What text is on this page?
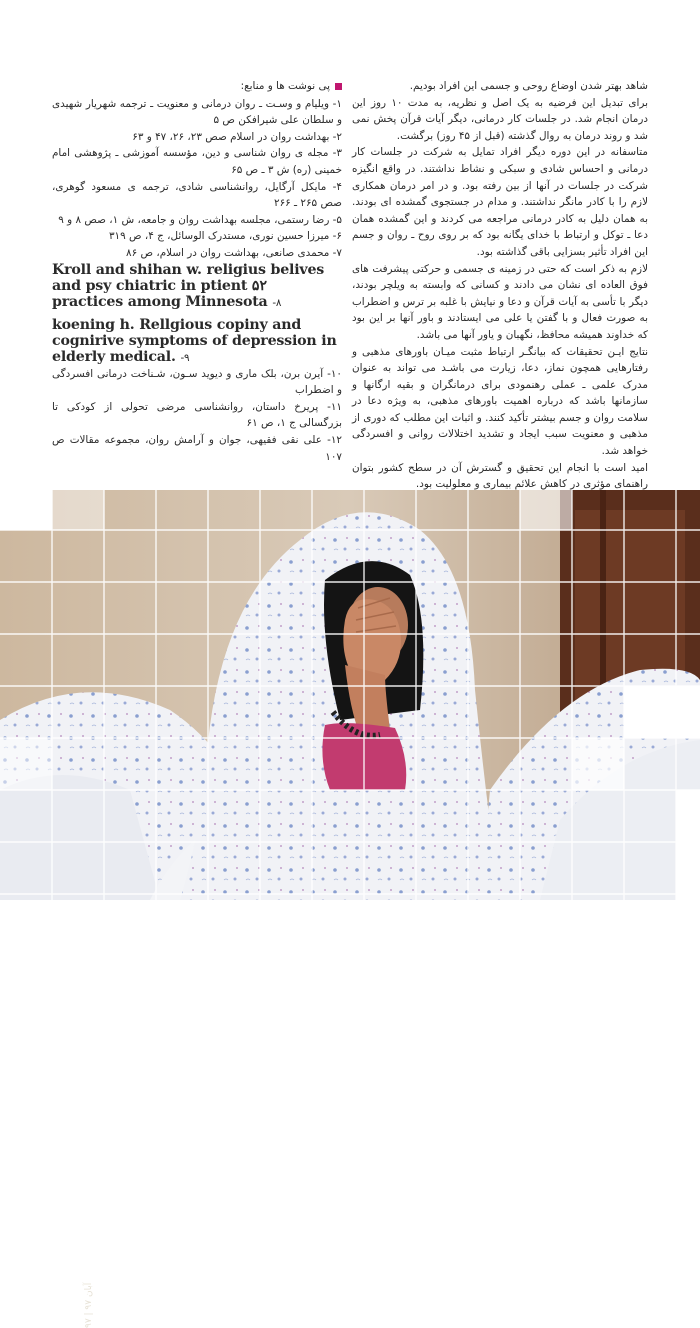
شاهد بهتر شدن اوضاع روحی و جسمی این افراد بودیم.

برای تبدیل این فرضیه به یک اصل و نظریه، به مدت ۱۰ روز این درمان انجام شد. در جلسات کار درمانی، دیگر آیات قرآن پخش نمی شد و روند درمان به روال گذشته (قبل از ۴۵ روز) برگشت.

متاسفانه در این دوره دیگر افراد تمایل به شرکت در جلسات کار درمانی و احساس شادی و سبکی و نشاط نداشتند. در واقع انگیزه شرکت در جلسات در آنها از بین رفته بود. و در امر درمان همکاری لازم را با کادر مانگر نداشتند. و مدام در جستجوی گمشده ای بودند. به همان دلیل به کادر درمانی مراجعه می کردند و این گمشده همان دعا ـ توکل و ارتباط با خدای یگانه بود که بر روی روح ـ روان و جسم این افراد تأثیر بسزایی باقی گذاشته بود.

لازم به ذکر است که حتی در زمینه ی جسمی و حرکتی پیشرفت های فوق العاده ای نشان می دادند و کسانی که وابسته به ویلچر بودند، دیگر با تأسی به آیات قرآن و دعا و نیایش با غلبه بر ترس و اضطراب به صورت فعال و با گفتن یا علی می ایستادند و باور آنها بر این بود که خداوند همیشه محافظ، نگهبان و یاور آنها می باشد.

نتایج ایـن تحقیقات که بیانگـر ارتباط مثبت میـان باورهای مذهبی و رفتارهایی همچون نماز، دعا، زیارت می باشـد می تواند به عنوان مدرک علمی ـ عملی رهنمودی برای درمانگران و بقیه ارگانها و سازمانها باشد که درباره اهمیت باورهای مذهبی، به ویژه دعا در سلامت روان و جسم بیشتر تأکید کنند. و اثبات این مطلب که دوری از مذهبی و معنویت سبب ایجاد و تشدید اختلالات روانی و افسردگی خواهد شد.

امید است با انجام این تحقیق و گسترش آن در سطح کشور بتوان راهنمای مؤثری در کاهش علائم بیماری و معلولیت بود.

پی نوشت ها و منابع:

۱- ویلیام و وسـت ـ روان درمانی و معنویت ـ ترجمه شهریار شهیدی و سلطان علی شیرافکن ص ۵

۲- بهداشت روان در اسلام صص ۲۳، ۲۶، ۴۷ و ۶۳

۳- مجله ی روان شناسی و دین، مؤسسه آموزشی ـ پژوهشی امام خمینی (ره) ش ۳ ـ ص ۶۵

۴- مایکل آرگایل، روانشناسی شادی، ترجمه ی مسعود گوهری، صص ۲۶۵ ـ ۲۶۶

۵- رضا رستمی، مجلسه بهداشت روان و جامعه، ش ۱، صص ۸ و ۹

۶- میرزا حسین نوری، مستدرک الوسائل، ج ۴، ص ۳۱۹

۷- محمدی صانعی، بهداشت روان در اسلام، ص ۸۶

Kroll and shihan w. religius belives and psy chiatric in ptient ۵۲ practices among Minnesota -۸

koening h. Rellgious copiny and cognirive symptoms of depression in elderly medical. -۹

۱۰- آیرن برن، بلک ماری و دیوید سـون، شـناخت درمانی افسردگی و اضطراب

۱۱- پریرخ داستان، روانشناسی مرضی تحولی از کودکی تا بزرگسالی ج ۱، ص ۶۱

۱۲- علی نقی فقیهی، جوان و آرامش روان، مجموعه مقالات ص ۱۰۷

۹۷ | آبان ۹۷
